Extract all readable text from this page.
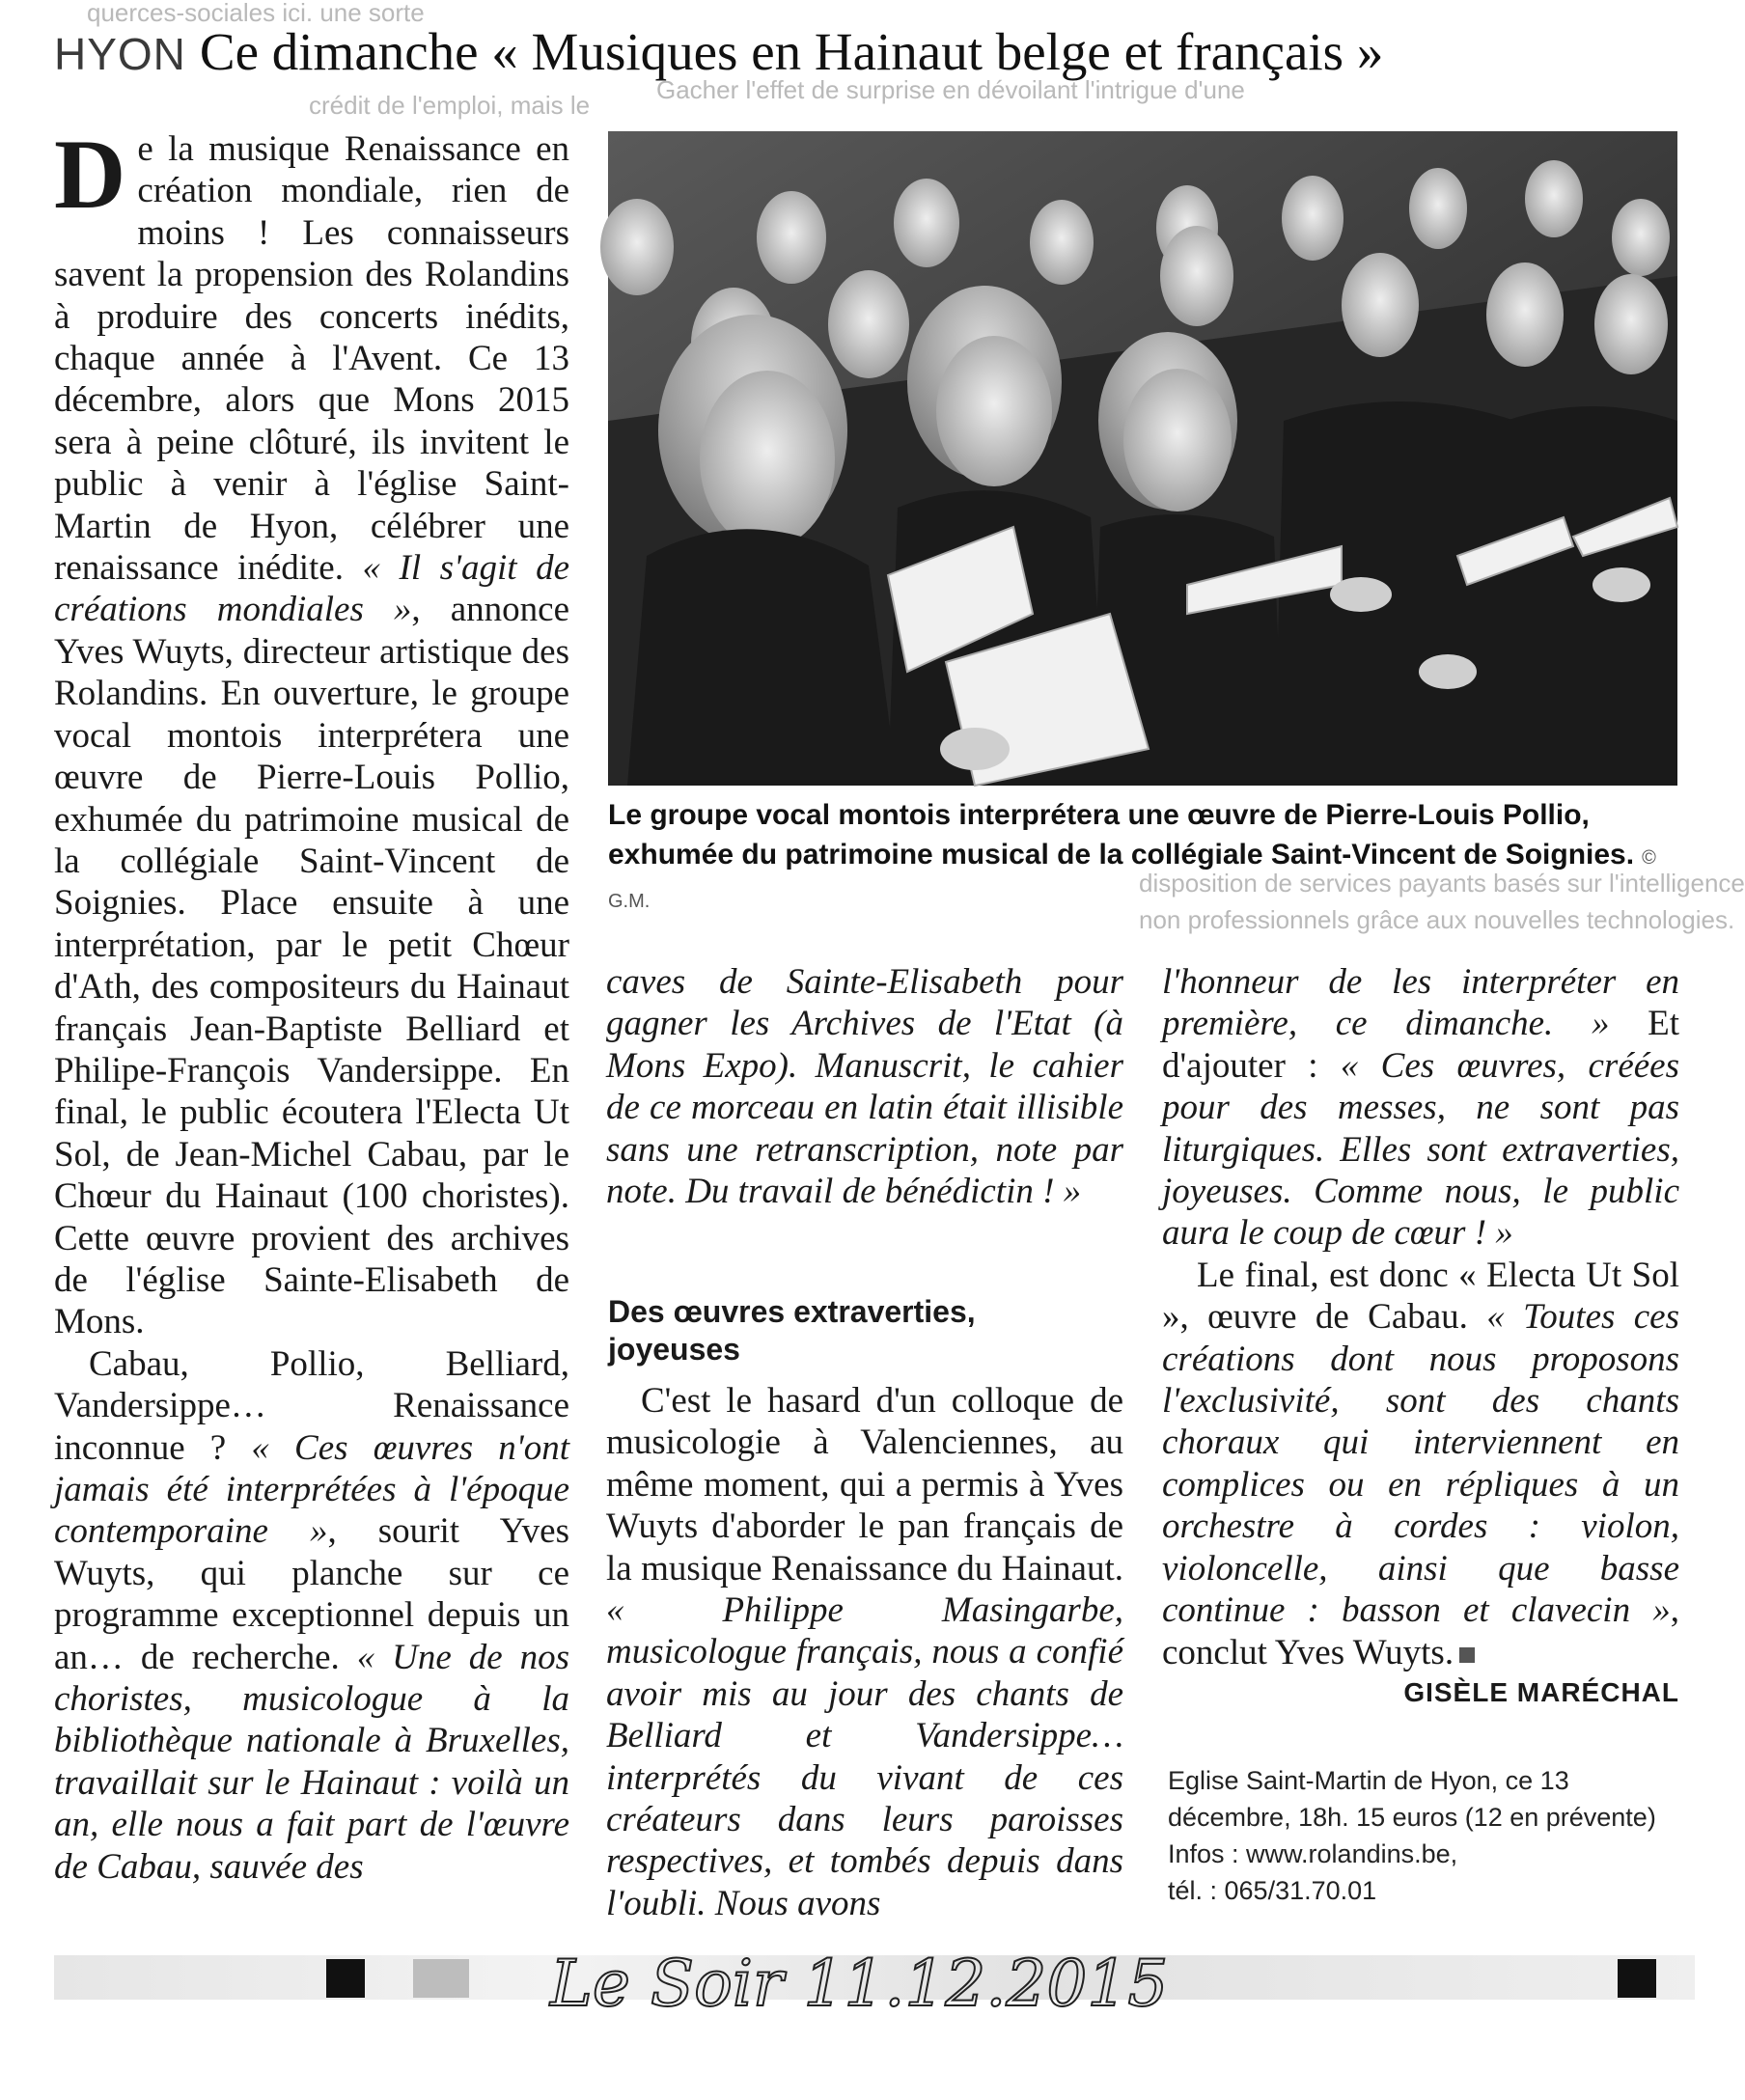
querces-sociales ici. une sorte
crédit de l'emploi, mais le
Gacher l'effet de surprise en dévoilant l'intrigue d'une
disposition de services payants basés sur l'intelligence
non professionnels grâce aux nouvelles technologies.
HYON Ce dimanche « Musiques en Hainaut belge et français »

De la musique Renaissance en création mondiale, rien de moins ! Les connaisseurs savent la propension des Rolandins à produire des concerts inédits, chaque année à l'Avent. Ce 13 décembre, alors que Mons 2015 sera à peine clôturé, ils invitent le public à venir à l'église Saint-Martin de Hyon, célébrer une renaissance inédite. « Il s'agit de créations mondiales », annonce Yves Wuyts, directeur artistique des Rolandins. En ouverture, le groupe vocal montois interprétera une œuvre de Pierre-Louis Pollio, exhumée du patrimoine musical de la collégiale Saint-Vincent de Soignies. Place ensuite à une interprétation, par le petit Chœur d'Ath, des compositeurs du Hainaut français Jean-Baptiste Belliard et Philipe-François Vandersippe. En final, le public écoutera l'Electa Ut Sol, de Jean-Michel Cabau, par le Chœur du Hainaut (100 choristes). Cette œuvre provient des archives de l'église Sainte-Elisabeth de Mons.

Cabau, Pollio, Belliard, Vandersippe… Renaissance inconnue ? « Ces œuvres n'ont jamais été interprétées à l'époque contemporaine », sourit Yves Wuyts, qui planche sur ce programme exceptionnel depuis un an… de recherche. « Une de nos choristes, musicologue à la bibliothèque nationale à Bruxelles, travaillait sur le Hainaut : voilà un an, elle nous a fait part de l'œuvre de Cabau, sauvée des

Le groupe vocal montois interprétera une œuvre de Pierre-Louis Pollio, exhumée du patrimoine musical de la collégiale Saint-Vincent de Soignies. © G.M.

caves de Sainte-Elisabeth pour gagner les Archives de l'Etat (à Mons Expo). Manuscrit, le cahier de ce morceau en latin était illisible sans une retranscription, note par note. Du travail de bénédictin ! »

Des œuvres extraverties, joyeuses

C'est le hasard d'un colloque de musicologie à Valenciennes, au même moment, qui a permis à Yves Wuyts d'aborder le pan français de la musique Renaissance du Hainaut. « Philippe Masingarbe, musicologue français, nous a confié avoir mis au jour des chants de Belliard et Vandersippe… interprétés du vivant de ces créateurs dans leurs paroisses respectives, et tombés depuis dans l'oubli. Nous avons

l'honneur de les interpréter en première, ce dimanche. » Et d'ajouter : « Ces œuvres, créées pour des messes, ne sont pas liturgiques. Elles sont extraverties, joyeuses. Comme nous, le public aura le coup de cœur ! »

Le final, est donc « Electa Ut Sol », œuvre de Cabau. « Toutes ces créations dont nous proposons l'exclusivité, sont des chants choraux qui interviennent en complices ou en répliques à un orchestre à cordes : violon, violoncelle, ainsi que basse continue : basson et clavecin », conclut Yves Wuyts.

GISÈLE MARÉCHAL
Eglise Saint-Martin de Hyon, ce 13
décembre, 18h. 15 euros (12 en prévente)
Infos : www.rolandins.be,
tél. : 065/31.70.01
Le Soir 11.12.2015
